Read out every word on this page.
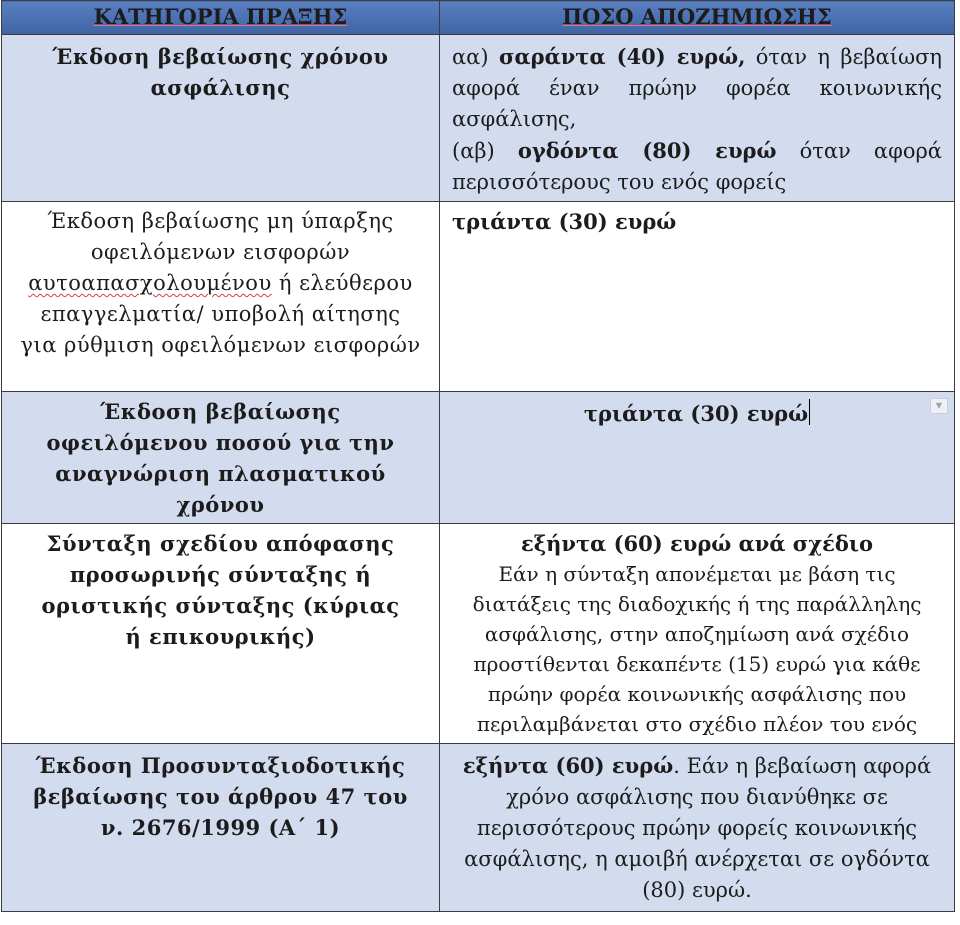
ΚΑΤΗΓΟΡΙΑ ΠΡΑΞΗΣ	ΠΟΣΟ ΑΠΟΖΗΜΙΩΣΗΣ

Έκδοση βεβαίωσης χρόνου ασφάλισης	αα) σαράντα (40) ευρώ, όταν η βεβαίωση αφορά έναν πρώην φορέα κοινωνικής ασφάλισης,
(αβ) ογδόντα (80) ευρώ όταν αφορά περισσότερους του ενός φορείς

Έκδοση βεβαίωσης μη ύπαρξης οφειλόμενων εισφορών αυτοαπασχολουμένου ή ελεύθερου επαγγελματία/ υποβολή αίτησης για ρύθμιση οφειλόμενων εισφορών	τριάντα (30) ευρώ

Έκδοση βεβαίωσης οφειλόμενου ποσού για την αναγνώριση πλασματικού χρόνου	τριάντα (30) ευρώ ▼

Σύνταξη σχεδίου απόφασης προσωρινής σύνταξης ή οριστικής σύνταξης (κύριας ή επικουρικής)	εξήντα (60) ευρώ ανά σχέδιο
Εάν η σύνταξη απονέμεται με βάση τις διατάξεις της διαδοχικής ή της παράλληλης ασφάλισης, στην αποζημίωση ανά σχέδιο προστίθενται δεκαπέντε (15) ευρώ για κάθε πρώην φορέα κοινωνικής ασφάλισης που περιλαμβάνεται στο σχέδιο πλέον του ενός

Έκδοση Προσυνταξιοδοτικής βεβαίωσης του άρθρου 47 του ν. 2676/1999 (Α΄ 1)	εξήντα (60) ευρώ. Εάν η βεβαίωση αφορά χρόνο ασφάλισης που διανύθηκε σε περισσότερους πρώην φορείς κοινωνικής ασφάλισης, η αμοιβή ανέρχεται σε ογδόντα (80) ευρώ.
